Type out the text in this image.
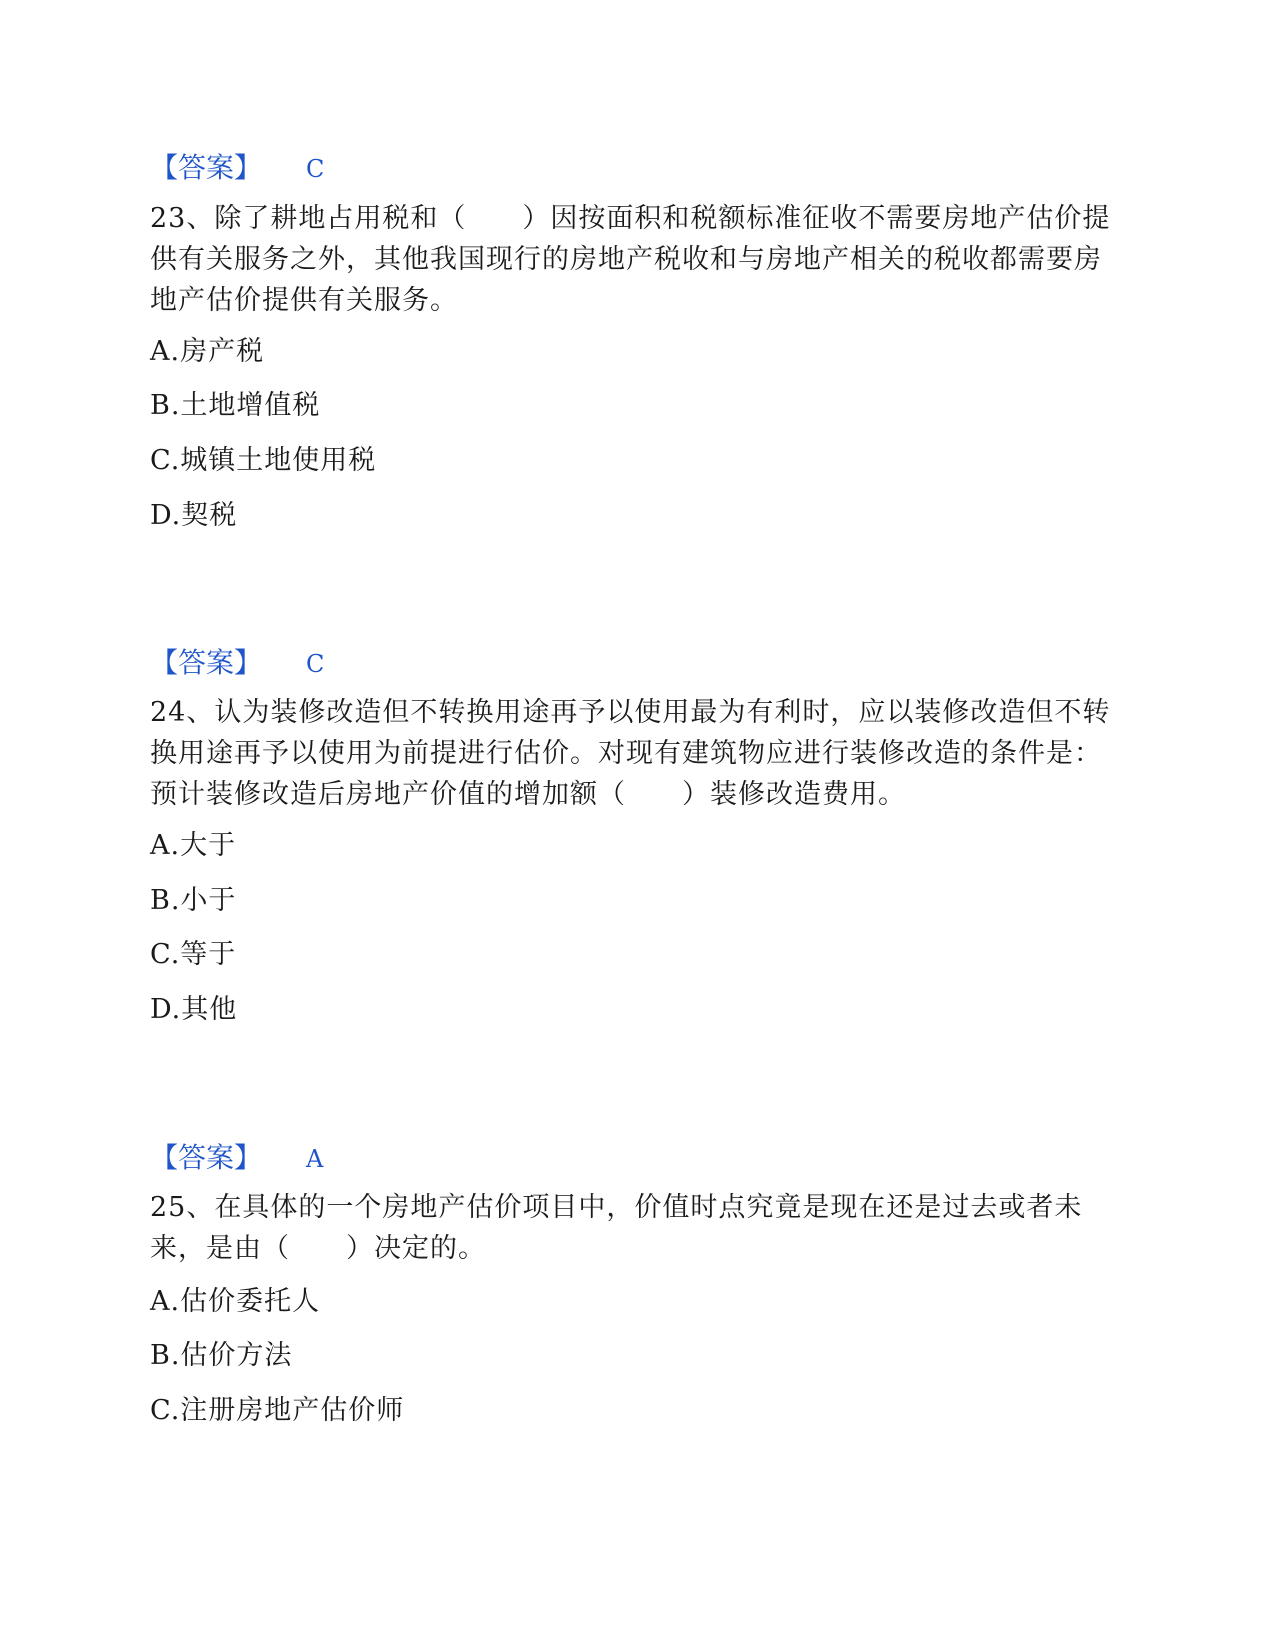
【答案】 C
23、除了耕地占用税和（　　）因按面积和税额标准征收不需要房地产估价提供有关服务之外，其他我国现行的房地产税收和与房地产相关的税收都需要房地产估价提供有关服务。
A.房产税
B.土地增值税
C.城镇土地使用税
D.契税
【答案】 C
24、认为装修改造但不转换用途再予以使用最为有利时，应以装修改造但不转换用途再予以使用为前提进行估价。对现有建筑物应进行装修改造的条件是：预计装修改造后房地产价值的增加额（　　）装修改造费用。
A.大于
B.小于
C.等于
D.其他
【答案】 A
25、在具体的一个房地产估价项目中，价值时点究竟是现在还是过去或者未来，是由（　　）决定的。
A.估价委托人
B.估价方法
C.注册房地产估价师
